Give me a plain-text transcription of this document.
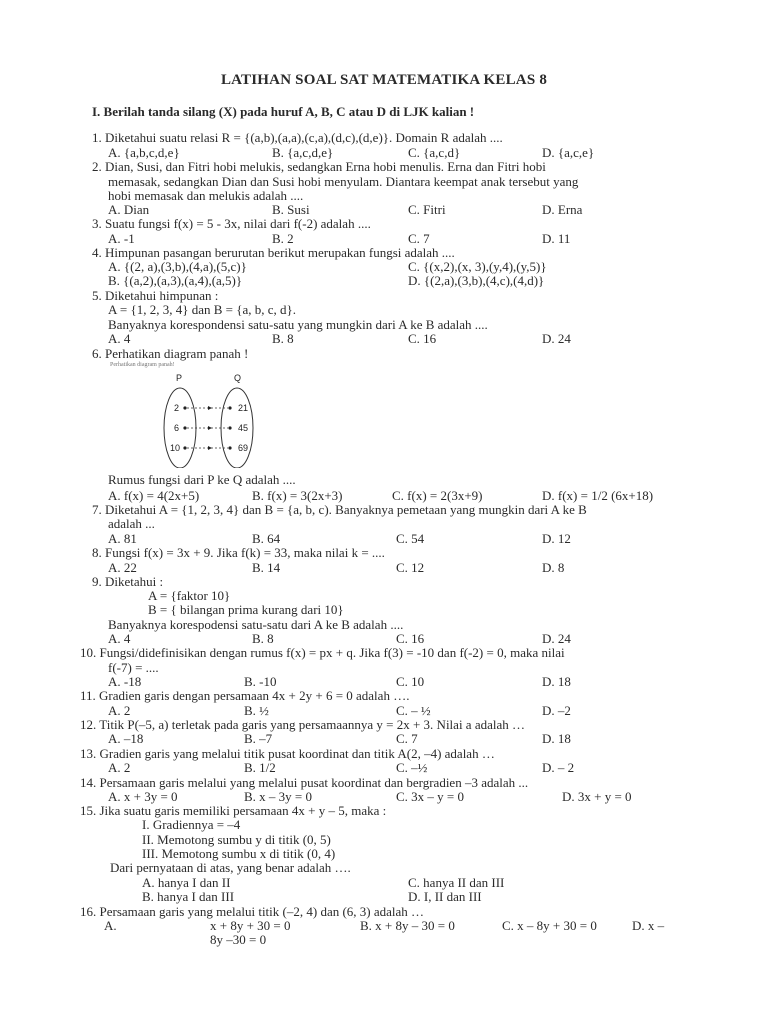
LATIHAN SOAL SAT MATEMATIKA KELAS 8
I. Berilah tanda silang (X) pada huruf A, B, C atau D di LJK kalian !
1. Diketahui suatu relasi R = {(a,b),(a,a),(c,a),(d,c),(d,e)}. Domain R adalah ....
A. {a,b,c,d,e}	B. {a,c,d,e}	C. {a,c,d}	D. {a,c,e}
2. Dian, Susi, dan Fitri hobi melukis, sedangkan Erna hobi menulis. Erna dan Fitri hobi
memasak, sedangkan Dian dan Susi hobi menyulam. Diantara keempat anak tersebut yang
hobi memasak dan melukis adalah ....
A. Dian	B. Susi	C. Fitri	D. Erna
3. Suatu fungsi f(x) = 5 - 3x, nilai dari f(-2) adalah ....
A. -1	B. 2	C. 7	D. 11
4. Himpunan pasangan berurutan berikut merupakan fungsi adalah ....
A. {(2, a),(3,b),(4,a),(5,c)}	C. {(x,2),(x, 3),(y,4),(y,5)}
B. {(a,2),(a,3),(a,4),(a,5)}	D. {(2,a),(3,b),(4,c),(4,d)}
5. Diketahui himpunan :
A = {1, 2, 3, 4} dan B = {a, b, c, d}.
Banyaknya korespondensi satu-satu yang mungkin dari A ke B adalah ....
A. 4	B. 8	C. 16	D. 24
6. Perhatikan diagram panah !
Rumus fungsi dari P ke Q adalah ....
A. f(x) = 4(2x+5)	B. f(x) = 3(2x+3)	C. f(x) = 2(3x+9)	D. f(x) = 1/2 (6x+18)
7. Diketahui A = {1, 2, 3, 4} dan B = {a, b, c). Banyaknya pemetaan yang mungkin dari A ke B
adalah ...
A. 81	B. 64	C. 54	D. 12
8. Fungsi f(x) = 3x + 9. Jika f(k) = 33, maka nilai k = ....
A. 22	B. 14	C. 12	D. 8
9. Diketahui :
A = {faktor 10}
B = { bilangan prima kurang dari 10}
Banyaknya korespodensi satu-satu dari A ke B adalah ....
A. 4	B. 8	C. 16	D. 24
10. Fungsi/didefinisikan dengan rumus f(x) = px + q. Jika f(3) = -10 dan f(-2) = 0, maka nilai
f(-7) = ....
A. -18	B. -10	C. 10	D. 18
11. Gradien garis dengan persamaan 4x + 2y + 6 = 0 adalah ….
A. 2	B. ½	C. – ½	D. –2
12. Titik P(–5, a) terletak pada garis yang persamaannya y = 2x + 3. Nilai a adalah …
A. –18	B. –7	C. 7	D. 18
13. Gradien garis yang melalui titik pusat koordinat dan titik A(2, –4) adalah …
A. 2	B. 1/2	C. –½	D. – 2
14. Persamaan garis melalui yang melalui pusat koordinat dan bergradien –3 adalah ...
A. x + 3y = 0	B. x – 3y = 0	C. 3x – y = 0	D. 3x + y = 0
15. Jika suatu garis memiliki persamaan 4x + y – 5, maka :
I. Gradiennya = –4
II. Memotong sumbu y di titik (0, 5)
III. Memotong sumbu x di titik (0, 4)
Dari pernyataan di atas, yang benar adalah ….
A. hanya I dan II	C. hanya II dan III
B. hanya I dan III	D. I, II dan III
16. Persamaan garis yang melalui titik (–2, 4) dan (6, 3) adalah …
A.	x + 8y + 30 = 0	B. x + 8y – 30 = 0	C. x – 8y + 30 = 0	D. x –
8y –30 = 0
Perhatikan diagram panah!
P	Q
2
6
10
21
45
69
